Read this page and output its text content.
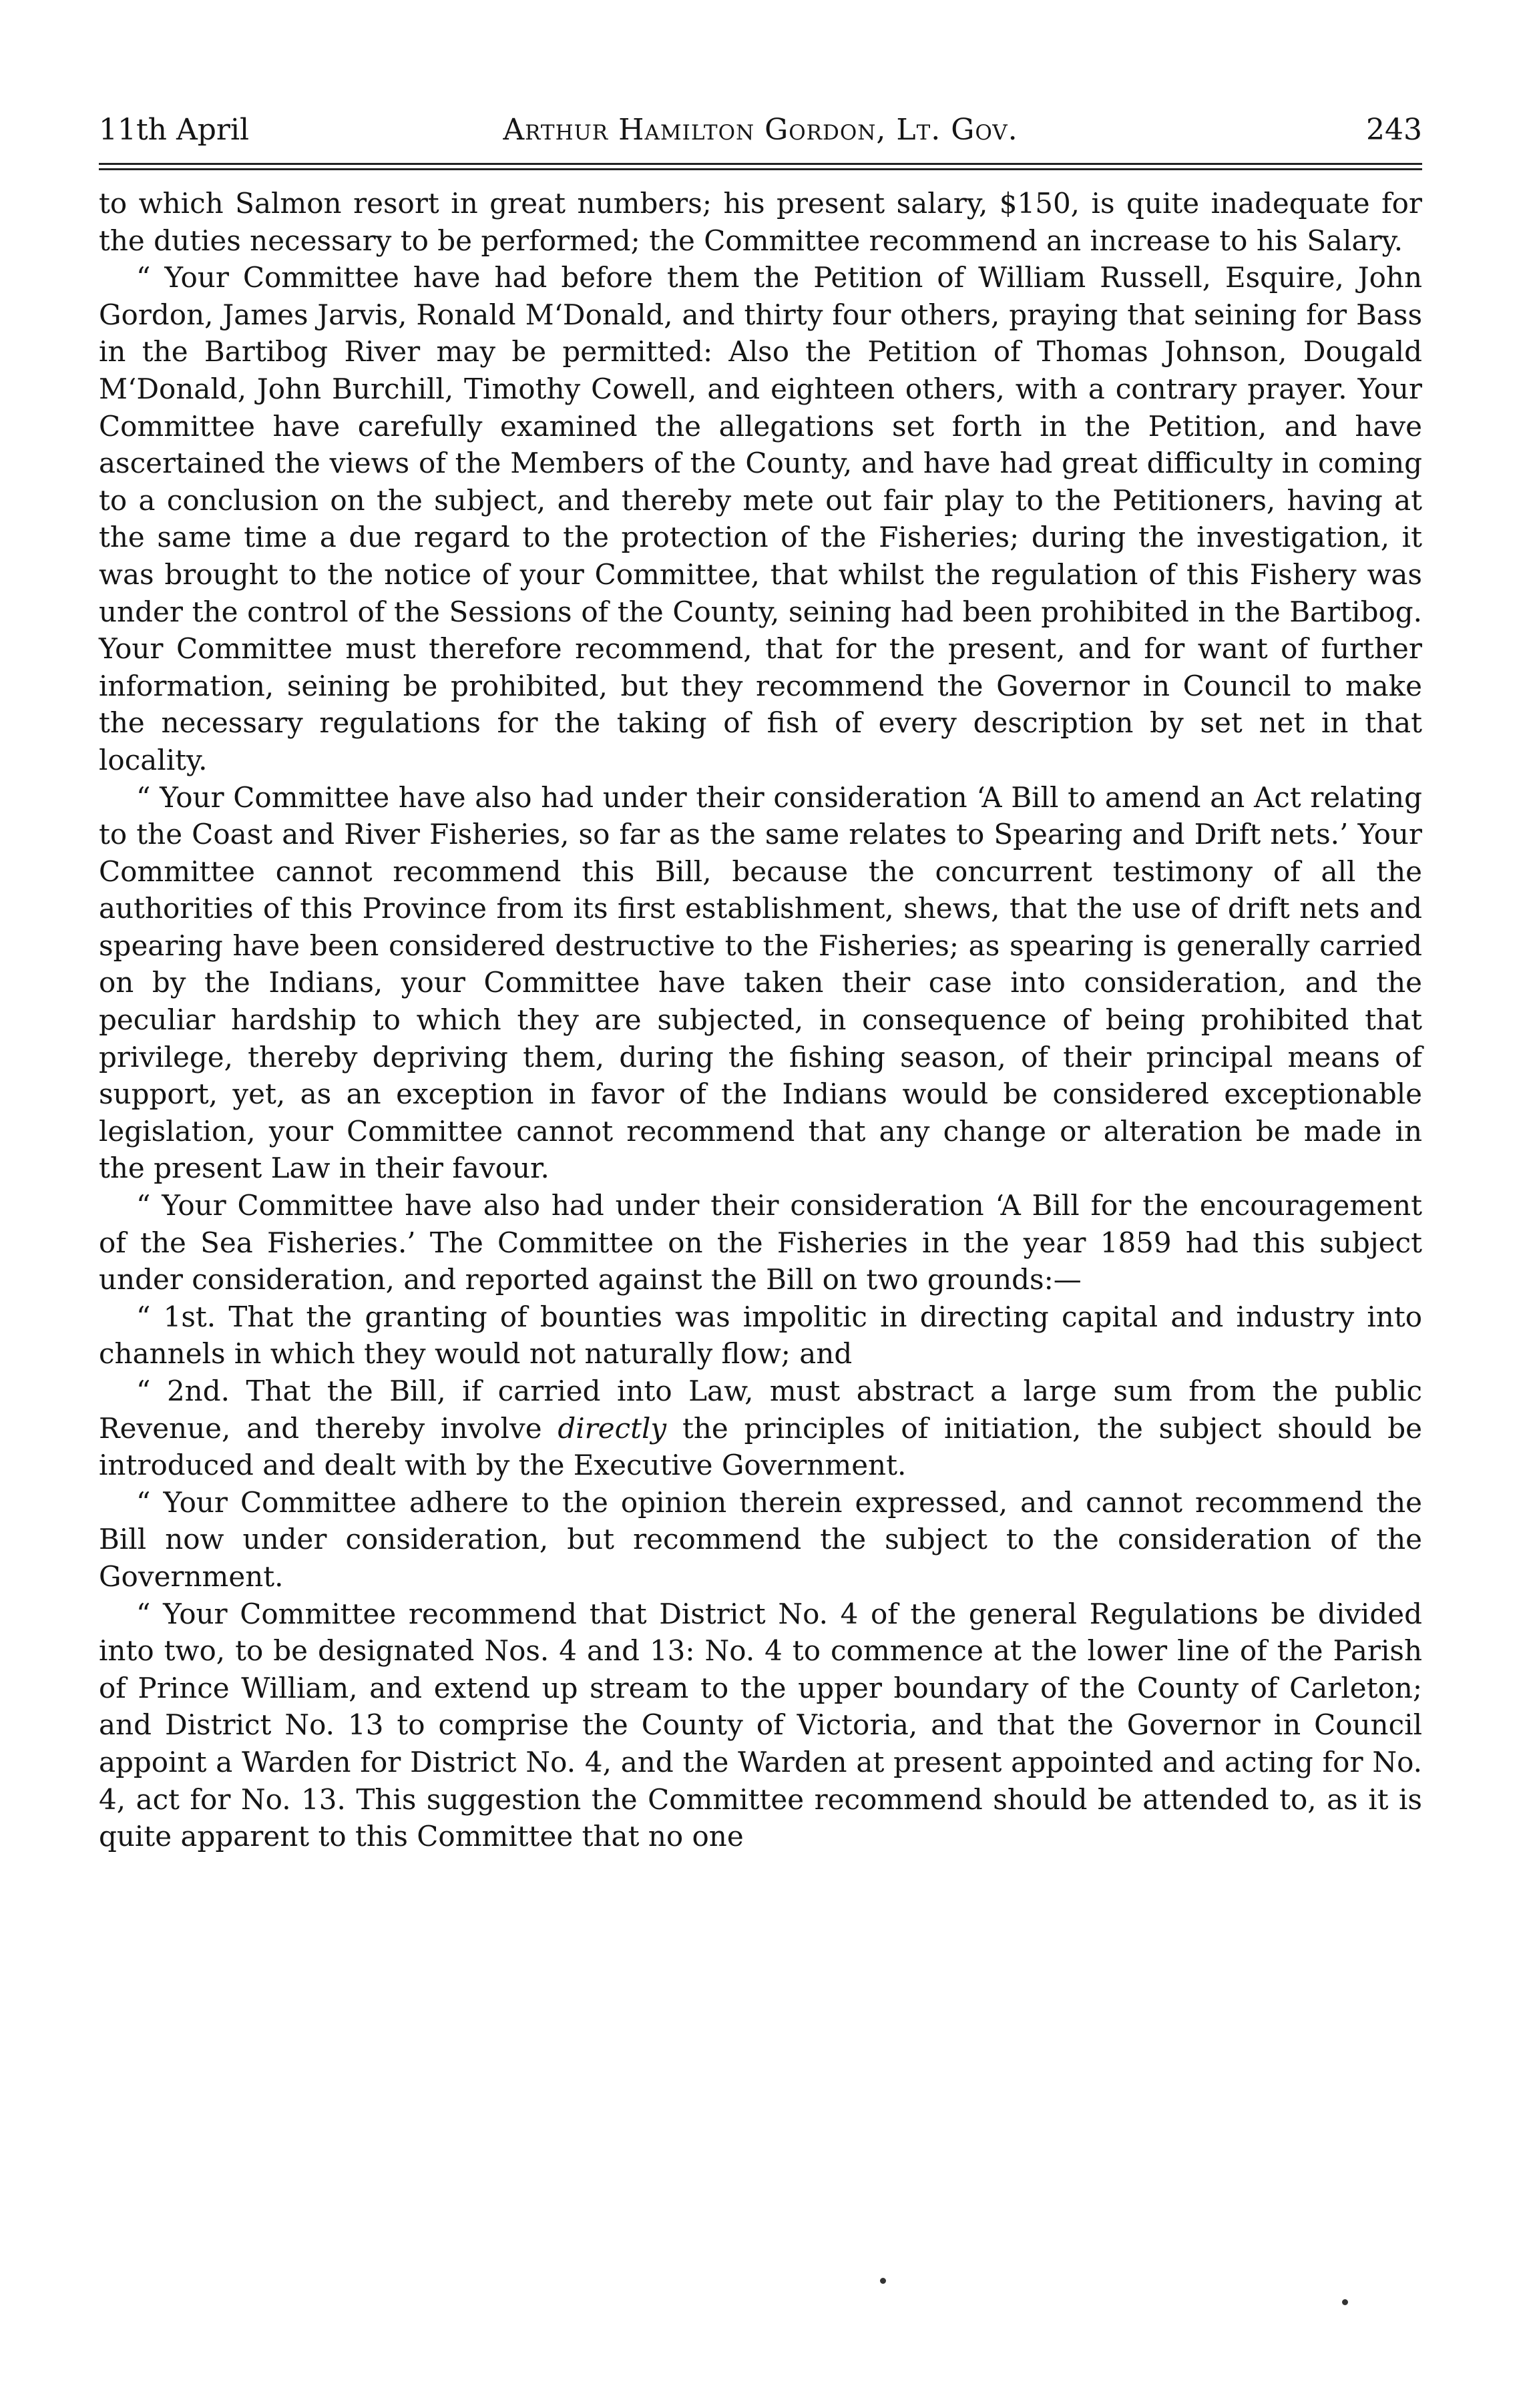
11th April	Arthur Hamilton Gordon, Lt. Gov.	243

to which Salmon resort in great numbers; his present salary, $150, is quite inadequate for the duties necessary to be performed; the Committee recommend an increase to his Salary.

“ Your Committee have had before them the Petition of William Russell, Esquire, John Gordon, James Jarvis, Ronald M‘Donald, and thirty four others, praying that seining for Bass in the Bartibog River may be permitted: Also the Petition of Thomas Johnson, Dougald M‘Donald, John Burchill, Timothy Cowell, and eighteen others, with a contrary prayer. Your Committee have carefully examined the allegations set forth in the Petition, and have ascertained the views of the Members of the County, and have had great difficulty in coming to a conclusion on the subject, and thereby mete out fair play to the Petitioners, having at the same time a due regard to the protection of the Fisheries; during the investigation, it was brought to the notice of your Committee, that whilst the regulation of this Fishery was under the control of the Sessions of the County, seining had been prohibited in the Bartibog. Your Committee must therefore recommend, that for the present, and for want of further information, seining be prohibited, but they recommend the Governor in Council to make the necessary regulations for the taking of fish of every description by set net in that locality.

“ Your Committee have also had under their consideration ‘A Bill to amend an Act relating to the Coast and River Fisheries, so far as the same relates to Spearing and Drift nets.’ Your Committee cannot recommend this Bill, because the concurrent testimony of all the authorities of this Province from its first establishment, shews, that the use of drift nets and spearing have been considered destructive to the Fisheries; as spearing is generally carried on by the Indians, your Committee have taken their case into consideration, and the peculiar hardship to which they are subjected, in consequence of being prohibited that privilege, thereby depriving them, during the fishing season, of their principal means of support, yet, as an exception in favor of the Indians would be considered exceptionable legislation, your Committee cannot recommend that any change or alteration be made in the present Law in their favour.

“ Your Committee have also had under their consideration ‘A Bill for the encouragement of the Sea Fisheries.’ The Committee on the Fisheries in the year 1859 had this subject under consideration, and reported against the Bill on two grounds:—

“ 1st. That the granting of bounties was impolitic in directing capital and industry into channels in which they would not naturally flow; and

“ 2nd. That the Bill, if carried into Law, must abstract a large sum from the public Revenue, and thereby involve directly the principles of initiation, the subject should be introduced and dealt with by the Executive Government.

“ Your Committee adhere to the opinion therein expressed, and cannot recommend the Bill now under consideration, but recommend the subject to the consideration of the Government.

“ Your Committee recommend that District No. 4 of the general Regulations be divided into two, to be designated Nos. 4 and 13: No. 4 to commence at the lower line of the Parish of Prince William, and extend up stream to the upper boundary of the County of Carleton; and District No. 13 to comprise the County of Victoria, and that the Governor in Council appoint a Warden for District No. 4, and the Warden at present appointed and acting for No. 4, act for No. 13. This suggestion the Committee recommend should be attended to, as it is quite apparent to this Committee that no one
